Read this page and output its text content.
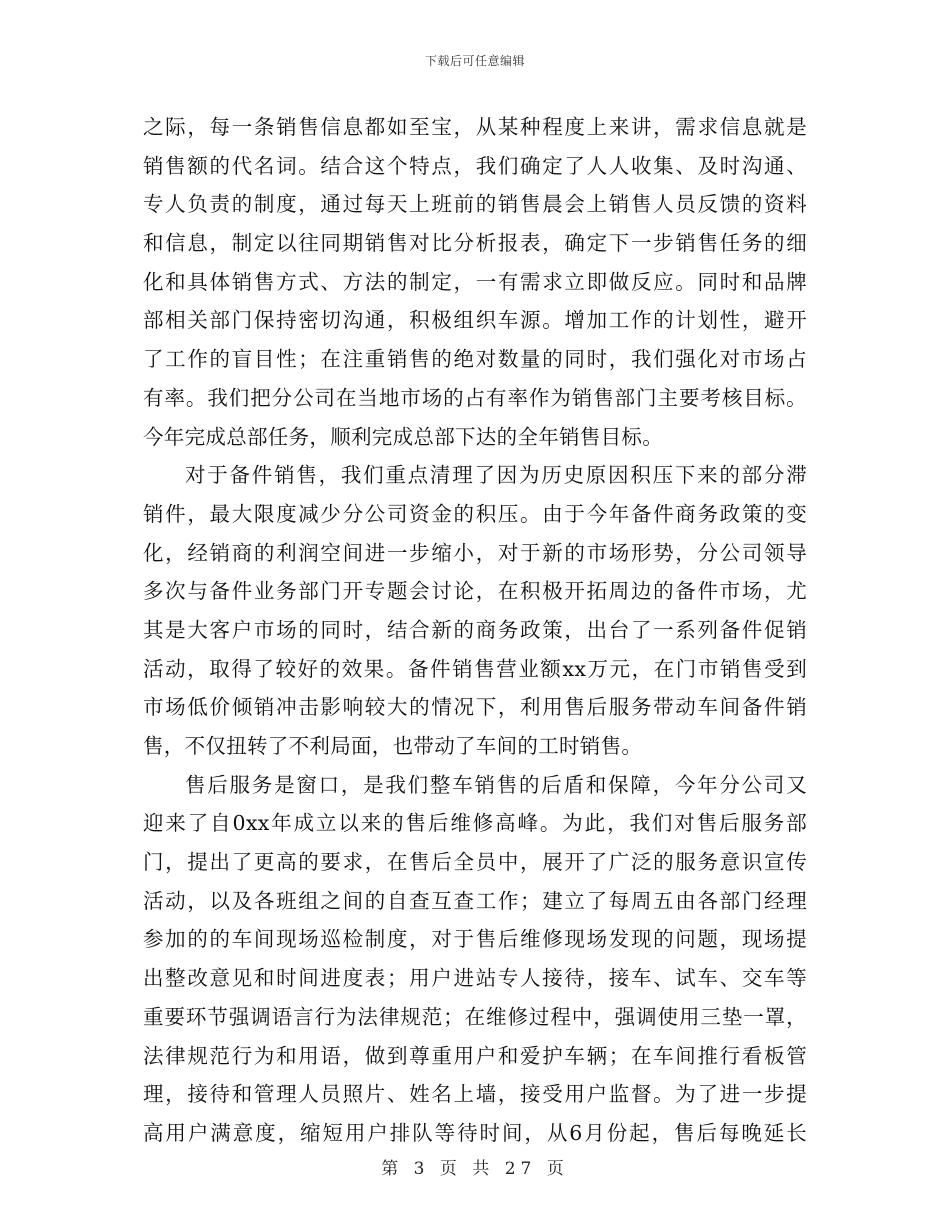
下载后可任意编辑
之际，每一条销售信息都如至宝，从某种程度上来讲，需求信息就是
销售额的代名词。结合这个特点，我们确定了人人收集、及时沟通、
专人负责的制度，通过每天上班前的销售晨会上销售人员反馈的资料
和信息，制定以往同期销售对比分析报表，确定下一步销售任务的细
化和具体销售方式、方法的制定，一有需求立即做反应。同时和品牌
部相关部门保持密切沟通，积极组织车源。增加工作的计划性，避开
了工作的盲目性；在注重销售的绝对数量的同时，我们强化对市场占
有率。我们把分公司在当地市场的占有率作为销售部门主要考核目标。
今年完成总部任务，顺利完成总部下达的全年销售目标。
对于备件销售，我们重点清理了因为历史原因积压下来的部分滞
销件，最大限度减少分公司资金的积压。由于今年备件商务政策的变
化，经销商的利润空间进一步缩小，对于新的市场形势，分公司领导
多次与备件业务部门开专题会讨论，在积极开拓周边的备件市场，尤
其是大客户市场的同时，结合新的商务政策，出台了一系列备件促销
活动，取得了较好的效果。备件销售营业额xx万元，在门市销售受到
市场低价倾销冲击影响较大的情况下，利用售后服务带动车间备件销
售，不仅扭转了不利局面，也带动了车间的工时销售。
售后服务是窗口，是我们整车销售的后盾和保障，今年分公司又
迎来了自0xx年成立以来的售后维修高峰。为此，我们对售后服务部
门，提出了更高的要求，在售后全员中，展开了广泛的服务意识宣传
活动，以及各班组之间的自查互查工作；建立了每周五由各部门经理
参加的的车间现场巡检制度，对于售后维修现场发现的问题，现场提
出整改意见和时间进度表；用户进站专人接待，接车、试车、交车等
重要环节强调语言行为法律规范；在维修过程中，强调使用三垫一罩，
法律规范行为和用语，做到尊重用户和爱护车辆；在车间推行看板管
理，接待和管理人员照片、姓名上墙，接受用户监督。为了进一步提
高用户满意度，缩短用户排队等待时间，从6月份起，售后每晚延长
第 3 页 共 27 页
